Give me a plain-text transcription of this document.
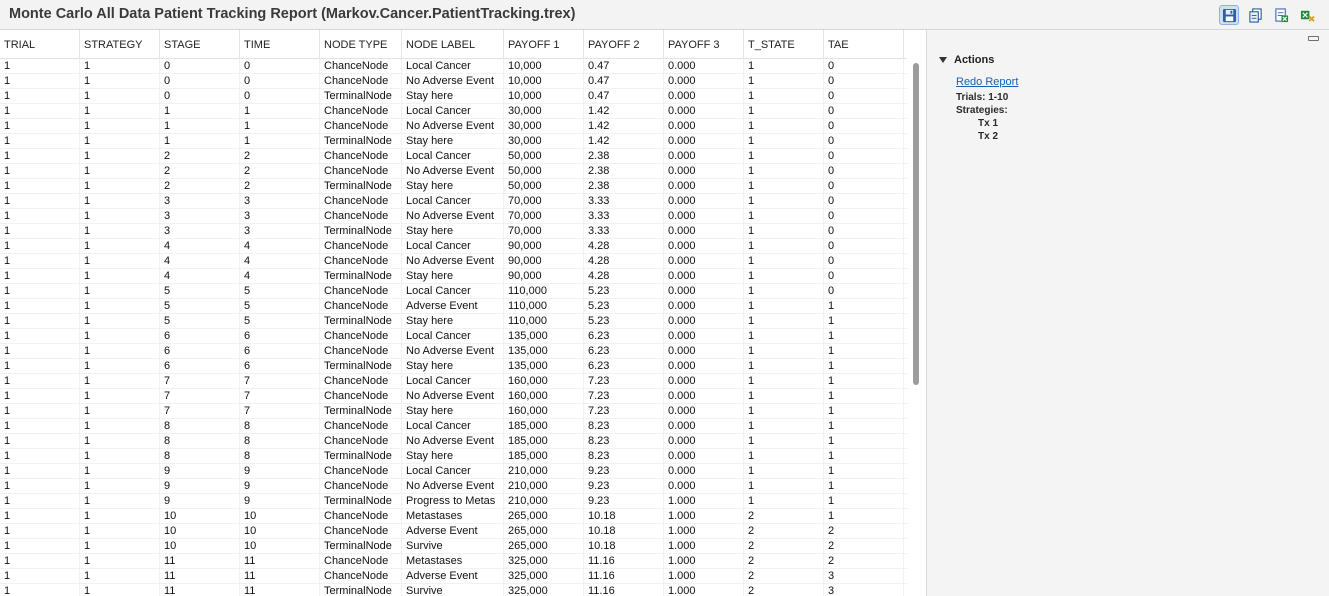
Monte Carlo All Data Patient Tracking Report (Markov.Cancer.PatientTracking.trex)
TRIAL	STRATEGY	STAGE	TIME	NODE TYPE	NODE LABEL	PAYOFF 1	PAYOFF 2	PAYOFF 3	T_STATE	TAE
1	1	0	0	ChanceNode	Local Cancer	10,000	0.47	0.000	1	0
1	1	0	0	ChanceNode	No Adverse Event	10,000	0.47	0.000	1	0
1	1	0	0	TerminalNode	Stay here	10,000	0.47	0.000	1	0
1	1	1	1	ChanceNode	Local Cancer	30,000	1.42	0.000	1	0
1	1	1	1	ChanceNode	No Adverse Event	30,000	1.42	0.000	1	0
1	1	1	1	TerminalNode	Stay here	30,000	1.42	0.000	1	0
1	1	2	2	ChanceNode	Local Cancer	50,000	2.38	0.000	1	0
1	1	2	2	ChanceNode	No Adverse Event	50,000	2.38	0.000	1	0
1	1	2	2	TerminalNode	Stay here	50,000	2.38	0.000	1	0
1	1	3	3	ChanceNode	Local Cancer	70,000	3.33	0.000	1	0
1	1	3	3	ChanceNode	No Adverse Event	70,000	3.33	0.000	1	0
1	1	3	3	TerminalNode	Stay here	70,000	3.33	0.000	1	0
1	1	4	4	ChanceNode	Local Cancer	90,000	4.28	0.000	1	0
1	1	4	4	ChanceNode	No Adverse Event	90,000	4.28	0.000	1	0
1	1	4	4	TerminalNode	Stay here	90,000	4.28	0.000	1	0
1	1	5	5	ChanceNode	Local Cancer	110,000	5.23	0.000	1	0
1	1	5	5	ChanceNode	Adverse Event	110,000	5.23	0.000	1	1
1	1	5	5	TerminalNode	Stay here	110,000	5.23	0.000	1	1
1	1	6	6	ChanceNode	Local Cancer	135,000	6.23	0.000	1	1
1	1	6	6	ChanceNode	No Adverse Event	135,000	6.23	0.000	1	1
1	1	6	6	TerminalNode	Stay here	135,000	6.23	0.000	1	1
1	1	7	7	ChanceNode	Local Cancer	160,000	7.23	0.000	1	1
1	1	7	7	ChanceNode	No Adverse Event	160,000	7.23	0.000	1	1
1	1	7	7	TerminalNode	Stay here	160,000	7.23	0.000	1	1
1	1	8	8	ChanceNode	Local Cancer	185,000	8.23	0.000	1	1
1	1	8	8	ChanceNode	No Adverse Event	185,000	8.23	0.000	1	1
1	1	8	8	TerminalNode	Stay here	185,000	8.23	0.000	1	1
1	1	9	9	ChanceNode	Local Cancer	210,000	9.23	0.000	1	1
1	1	9	9	ChanceNode	No Adverse Event	210,000	9.23	0.000	1	1
1	1	9	9	TerminalNode	Progress to Metas	210,000	9.23	1.000	1	1
1	1	10	10	ChanceNode	Metastases	265,000	10.18	1.000	2	1
1	1	10	10	ChanceNode	Adverse Event	265,000	10.18	1.000	2	2
1	1	10	10	TerminalNode	Survive	265,000	10.18	1.000	2	2
1	1	11	11	ChanceNode	Metastases	325,000	11.16	1.000	2	2
1	1	11	11	ChanceNode	Adverse Event	325,000	11.16	1.000	2	3
1	1	11	11	TerminalNode	Survive	325,000	11.16	1.000	2	3
Actions
Redo Report
Trials: 1-10
Strategies:
Tx 1
Tx 2
